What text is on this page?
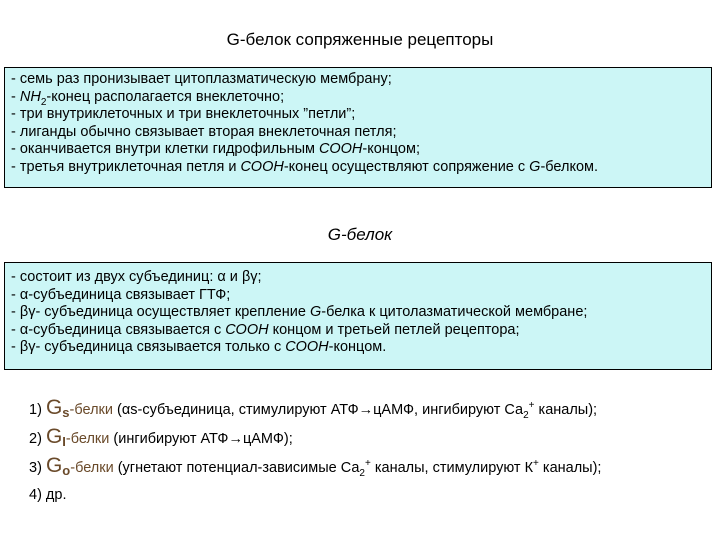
G-белок сопряженные рецепторы
- семь раз пронизывает цитоплазматическую мембрану;
- $NH_2$-конец располагается внеклеточно;
- три внутриклеточных и три внеклеточных ”петли”;
- лиганды обычно связывает вторая внеклеточная петля;
- оканчивается внутри клетки гидрофильным СООН-концом;
- третья внутриклеточная петля и СООН-конец осуществляют сопряжение с G-белком.
G-белок
- состоит из двух субъединиц: α и βγ;
- α-субъединица связывает ГТФ;
- βγ- субъединица осуществляет крепление G-белка к цитолазматической мембране;
- α-субъединица связывается с СООН концом и третьей петлей рецептора;
- βγ- субъединица связывается только с СООН-концом.
1) Gs-белки (αs-субъединица, стимулируют АТФ→цАМФ, ингибируют $Са_2^+$ каналы);
2) GI-белки (ингибируют АТФ→цАМФ);
3) Go-белки (угнетают потенциал-зависимые $Са_2^+$ каналы, стимулируют К+ каналы);
4) др.
